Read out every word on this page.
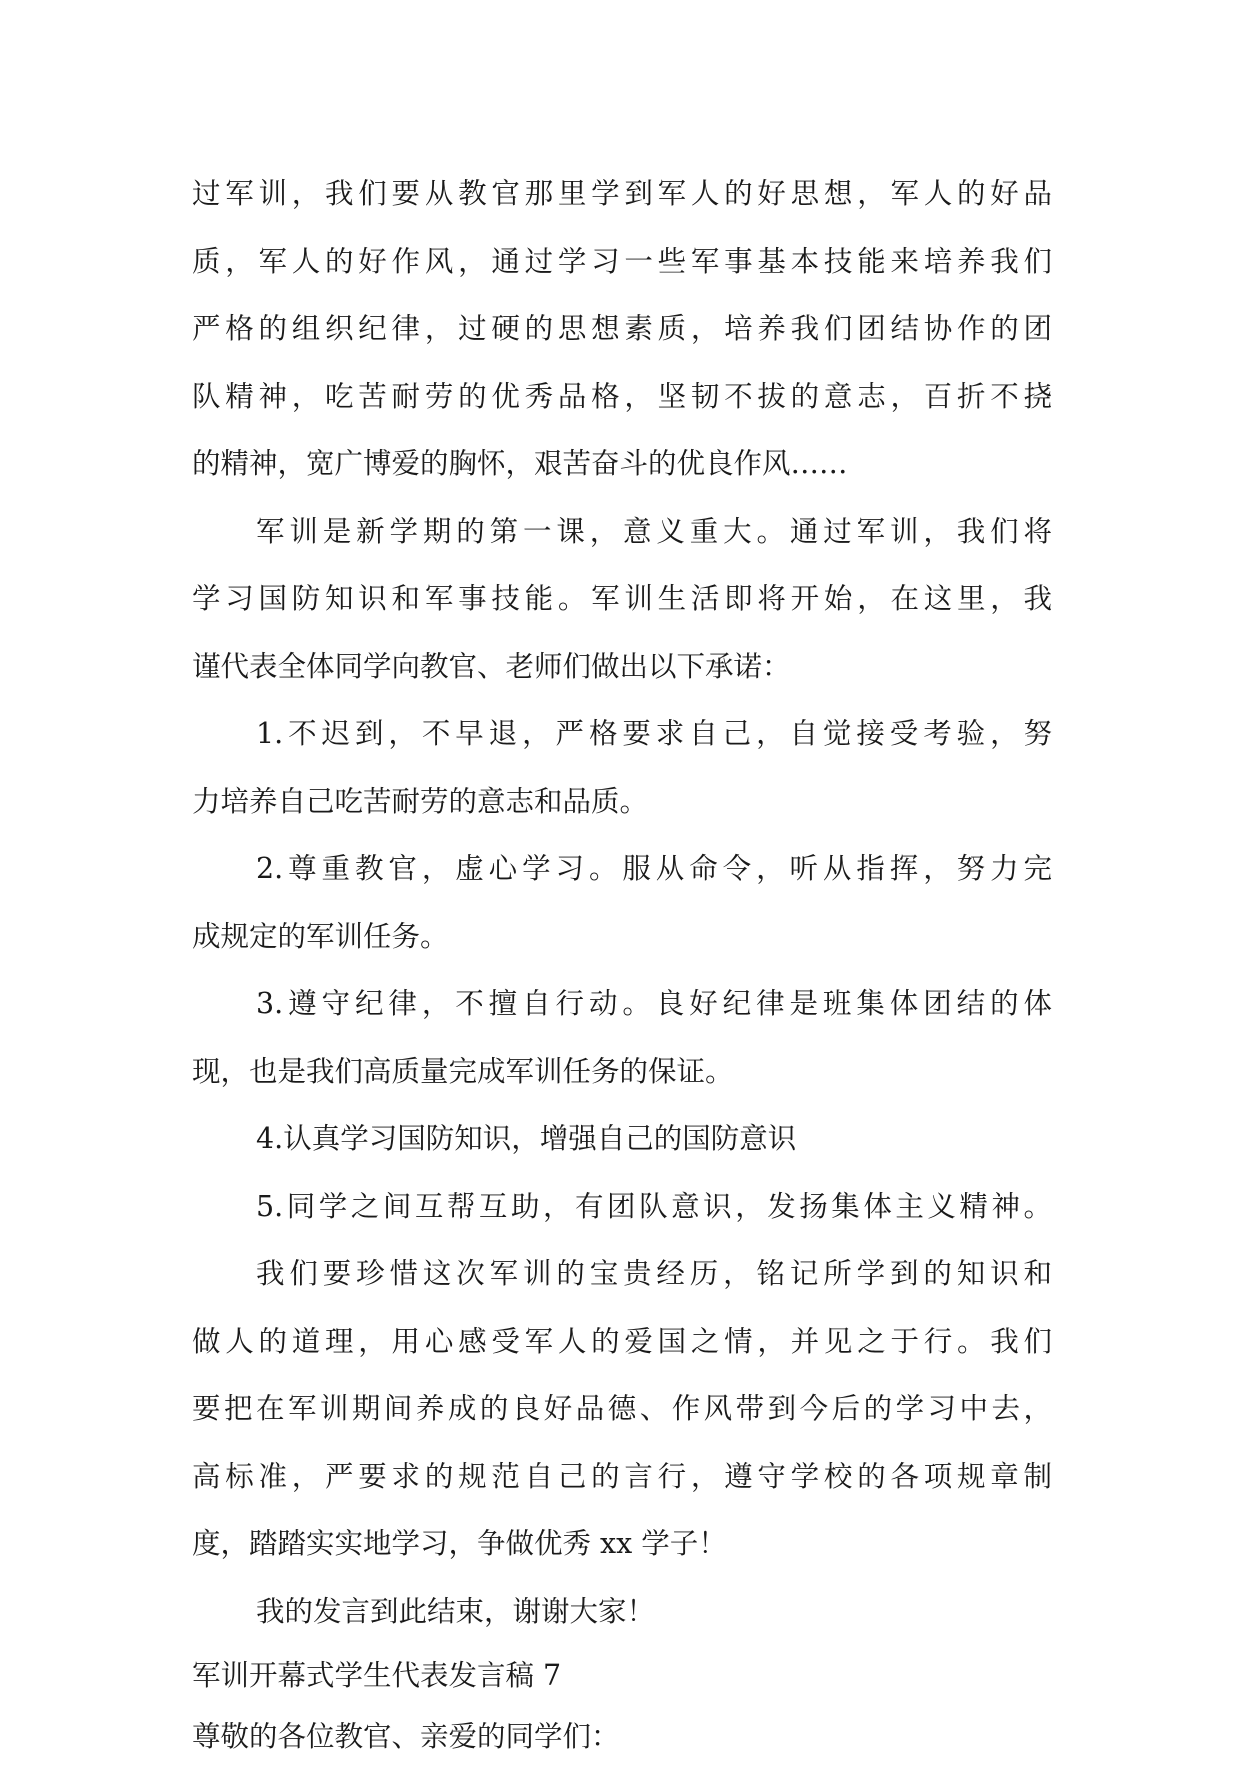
过军训，我们要从教官那里学到军人的好思想，军人的好品
质，军人的好作风，通过学习一些军事基本技能来培养我们
严格的组织纪律，过硬的思想素质，培养我们团结协作的团
队精神，吃苦耐劳的优秀品格，坚韧不拔的意志，百折不挠
的精神，宽广博爱的胸怀，艰苦奋斗的优良作风……
军训是新学期的第一课，意义重大。通过军训，我们将
学习国防知识和军事技能。军训生活即将开始，在这里，我
谨代表全体同学向教官、老师们做出以下承诺：
1.不迟到，不早退，严格要求自己，自觉接受考验，努
力培养自己吃苦耐劳的意志和品质。
2.尊重教官，虚心学习。服从命令，听从指挥，努力完
成规定的军训任务。
3.遵守纪律，不擅自行动。良好纪律是班集体团结的体
现，也是我们高质量完成军训任务的保证。
4.认真学习国防知识，增强自己的国防意识
5.同学之间互帮互助，有团队意识，发扬集体主义精神。
我们要珍惜这次军训的宝贵经历，铭记所学到的知识和
做人的道理，用心感受军人的爱国之情，并见之于行。我们
要把在军训期间养成的良好品德、作风带到今后的学习中去，
高标准，严要求的规范自己的言行，遵守学校的各项规章制
度，踏踏实实地学习，争做优秀 xx 学子！
我的发言到此结束，谢谢大家！
军训开幕式学生代表发言稿 7
尊敬的各位教官、亲爱的同学们：
